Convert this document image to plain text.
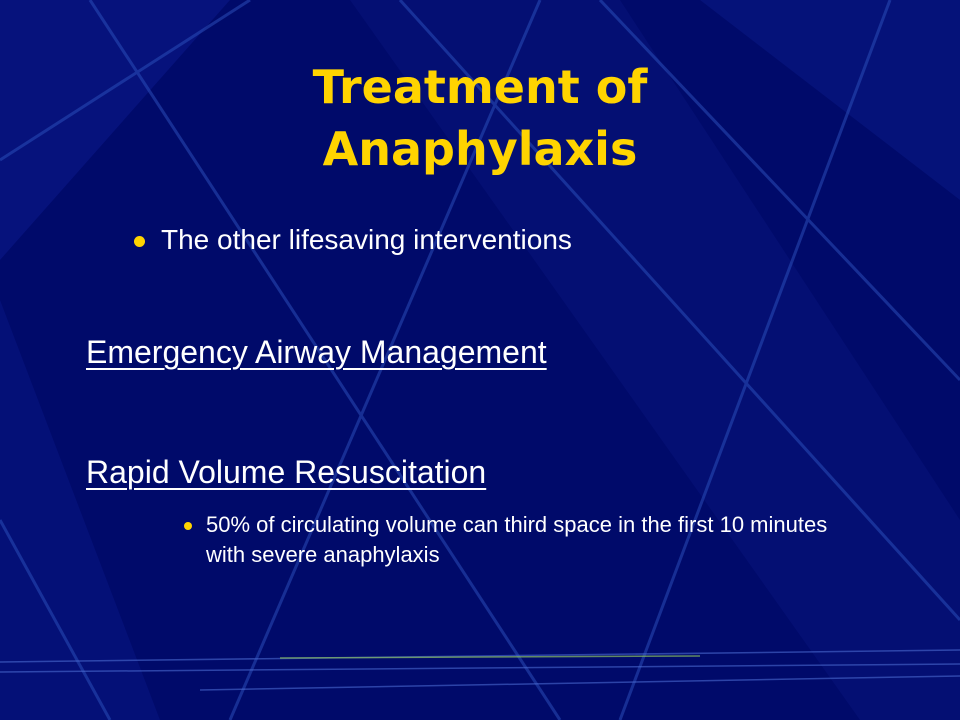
Treatment of Anaphylaxis
The other lifesaving interventions
Emergency Airway Management
Rapid Volume Resuscitation
50% of circulating volume can third space in the first 10 minutes with severe anaphylaxis
